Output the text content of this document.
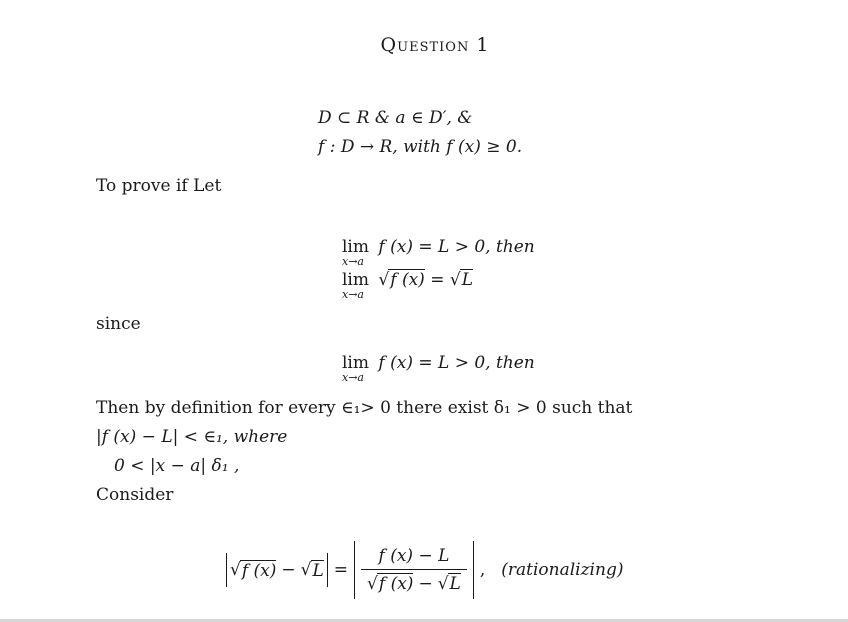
Question 1
D ⊂ R & a ∈ D′, &
f : D → R, with f (x) ≥ 0.
To prove if Let
lim
x→a
f (x) = L > 0, then
lim
x→a
√f (x) = √L
since
lim
x→a
f (x) = L > 0, then
Then by definition for every ∈₁> 0 there exist δ₁ > 0 such that
|f (x) − L| < ∈₁, where
0 < |x − a| δ₁ ,
Consider
√ f (x) − √ $L = \frac{f (x) - L}{√f (x) - √L}$ , (rationalizing)
